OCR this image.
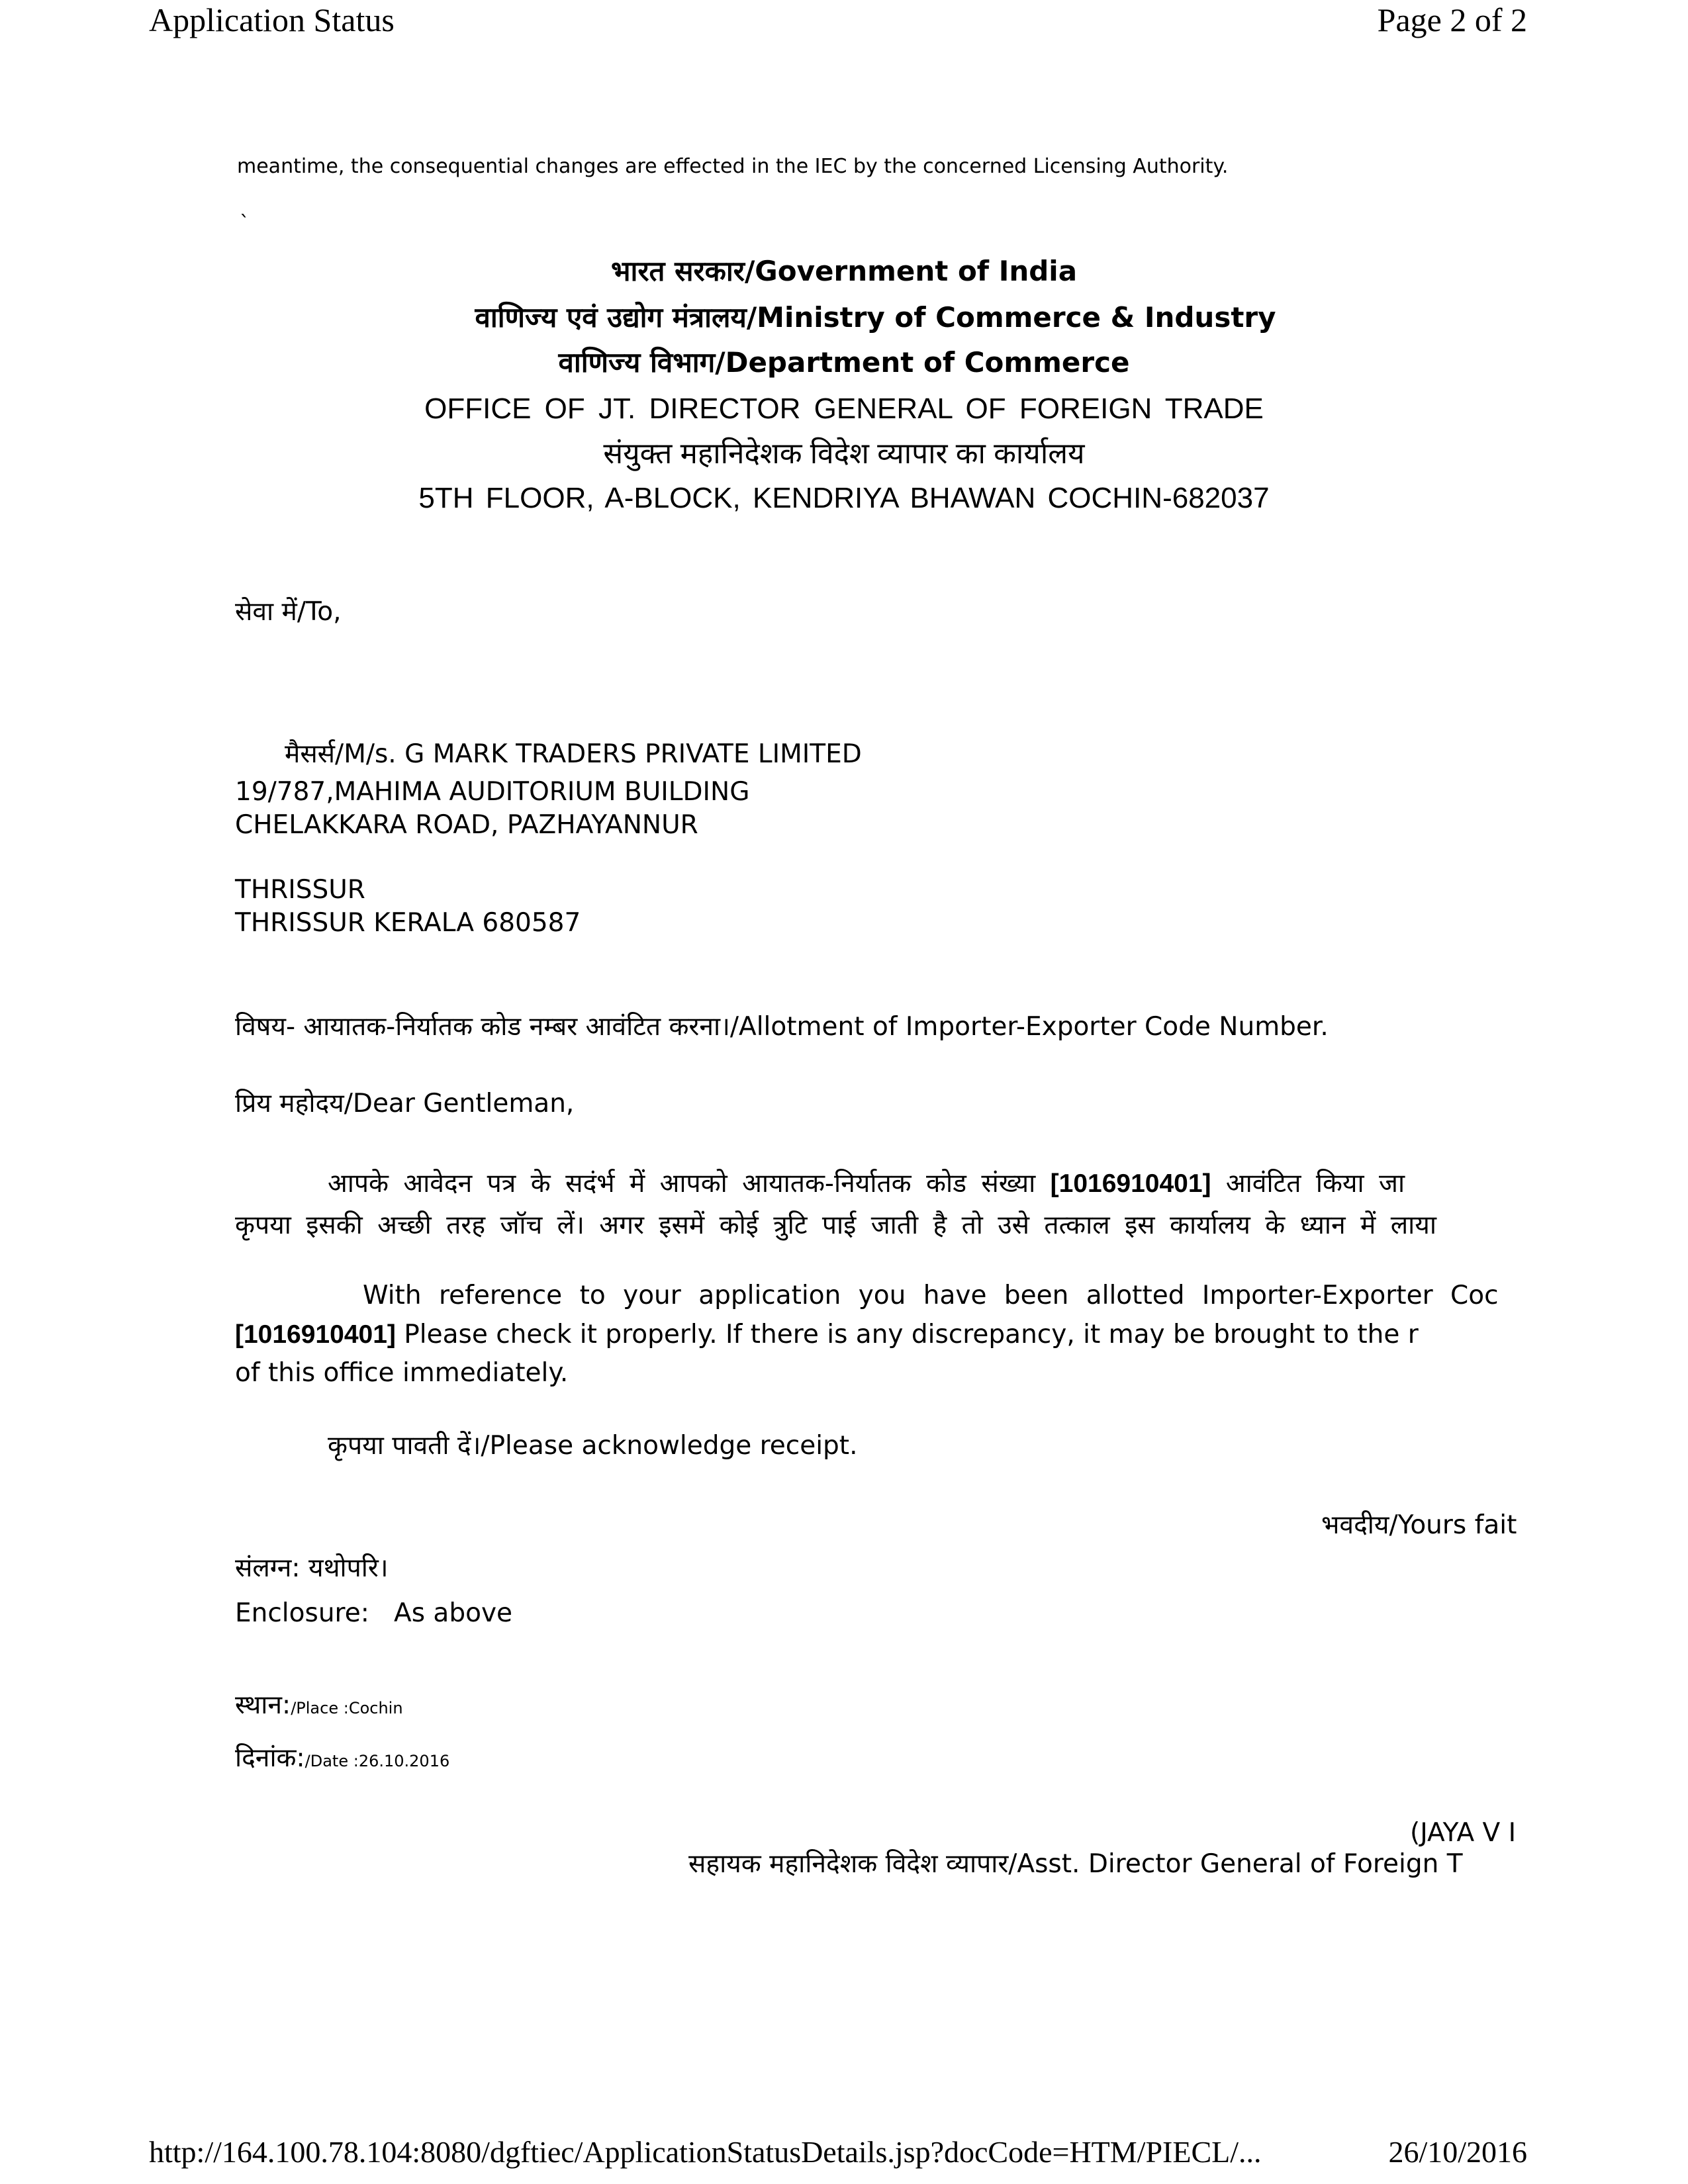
Application Status	Page 2 of 2
meantime, the consequential changes are effected in the IEC by the concerned Licensing Authority.
`
भारत सरकार/Government of India
वाणिज्य एवं उद्योग मंत्रालय/Ministry of Commerce & Industry
वाणिज्य विभाग/Department of Commerce
OFFICE OF JT. DIRECTOR GENERAL OF FOREIGN TRADE
संयुक्त महानिदेशक विदेश व्यापार का कार्यालय
5TH FLOOR, A-BLOCK, KENDRIYA BHAWAN COCHIN-682037
सेवा में/To,
मैसर्स/M/s. G MARK TRADERS PRIVATE LIMITED
19/787,MAHIMA AUDITORIUM BUILDING
CHELAKKARA ROAD, PAZHAYANNUR
THRISSUR
THRISSUR KERALA 680587
विषय- आयातक-निर्यातक कोड नम्बर आवंटित करना।/Allotment of Importer-Exporter Code Number.
प्रिय महोदय/Dear Gentleman,
आपके आवेदन पत्र के सदंर्भ में आपको आयातक-निर्यातक कोड संख्या [1016910401] आवंटित किया जा
कृपया इसकी अच्छी तरह जॉच लें। अगर इसमें कोई त्रुटि पाई जाती है तो उसे तत्काल इस कार्यालय के ध्यान में लाया
With reference to your application you have been allotted Importer-Exporter Coc
[1016910401] Please check it properly. If there is any discrepancy, it may be brought to the r
of this office immediately.
कृपया पावती दें।/Please acknowledge receipt.
भवदीय/Yours fait
संलग्न: यथोपरि।
Enclosure:   As above
स्थान:/Place :Cochin
दिनांक:/Date :26.10.2016
(JAYA V I
सहायक महानिदेशक विदेश व्यापार/Asst. Director General of Foreign T
http://164.100.78.104:8080/dgftiec/ApplicationStatusDetails.jsp?docCode=HTM/PIECL/...	26/10/2016
